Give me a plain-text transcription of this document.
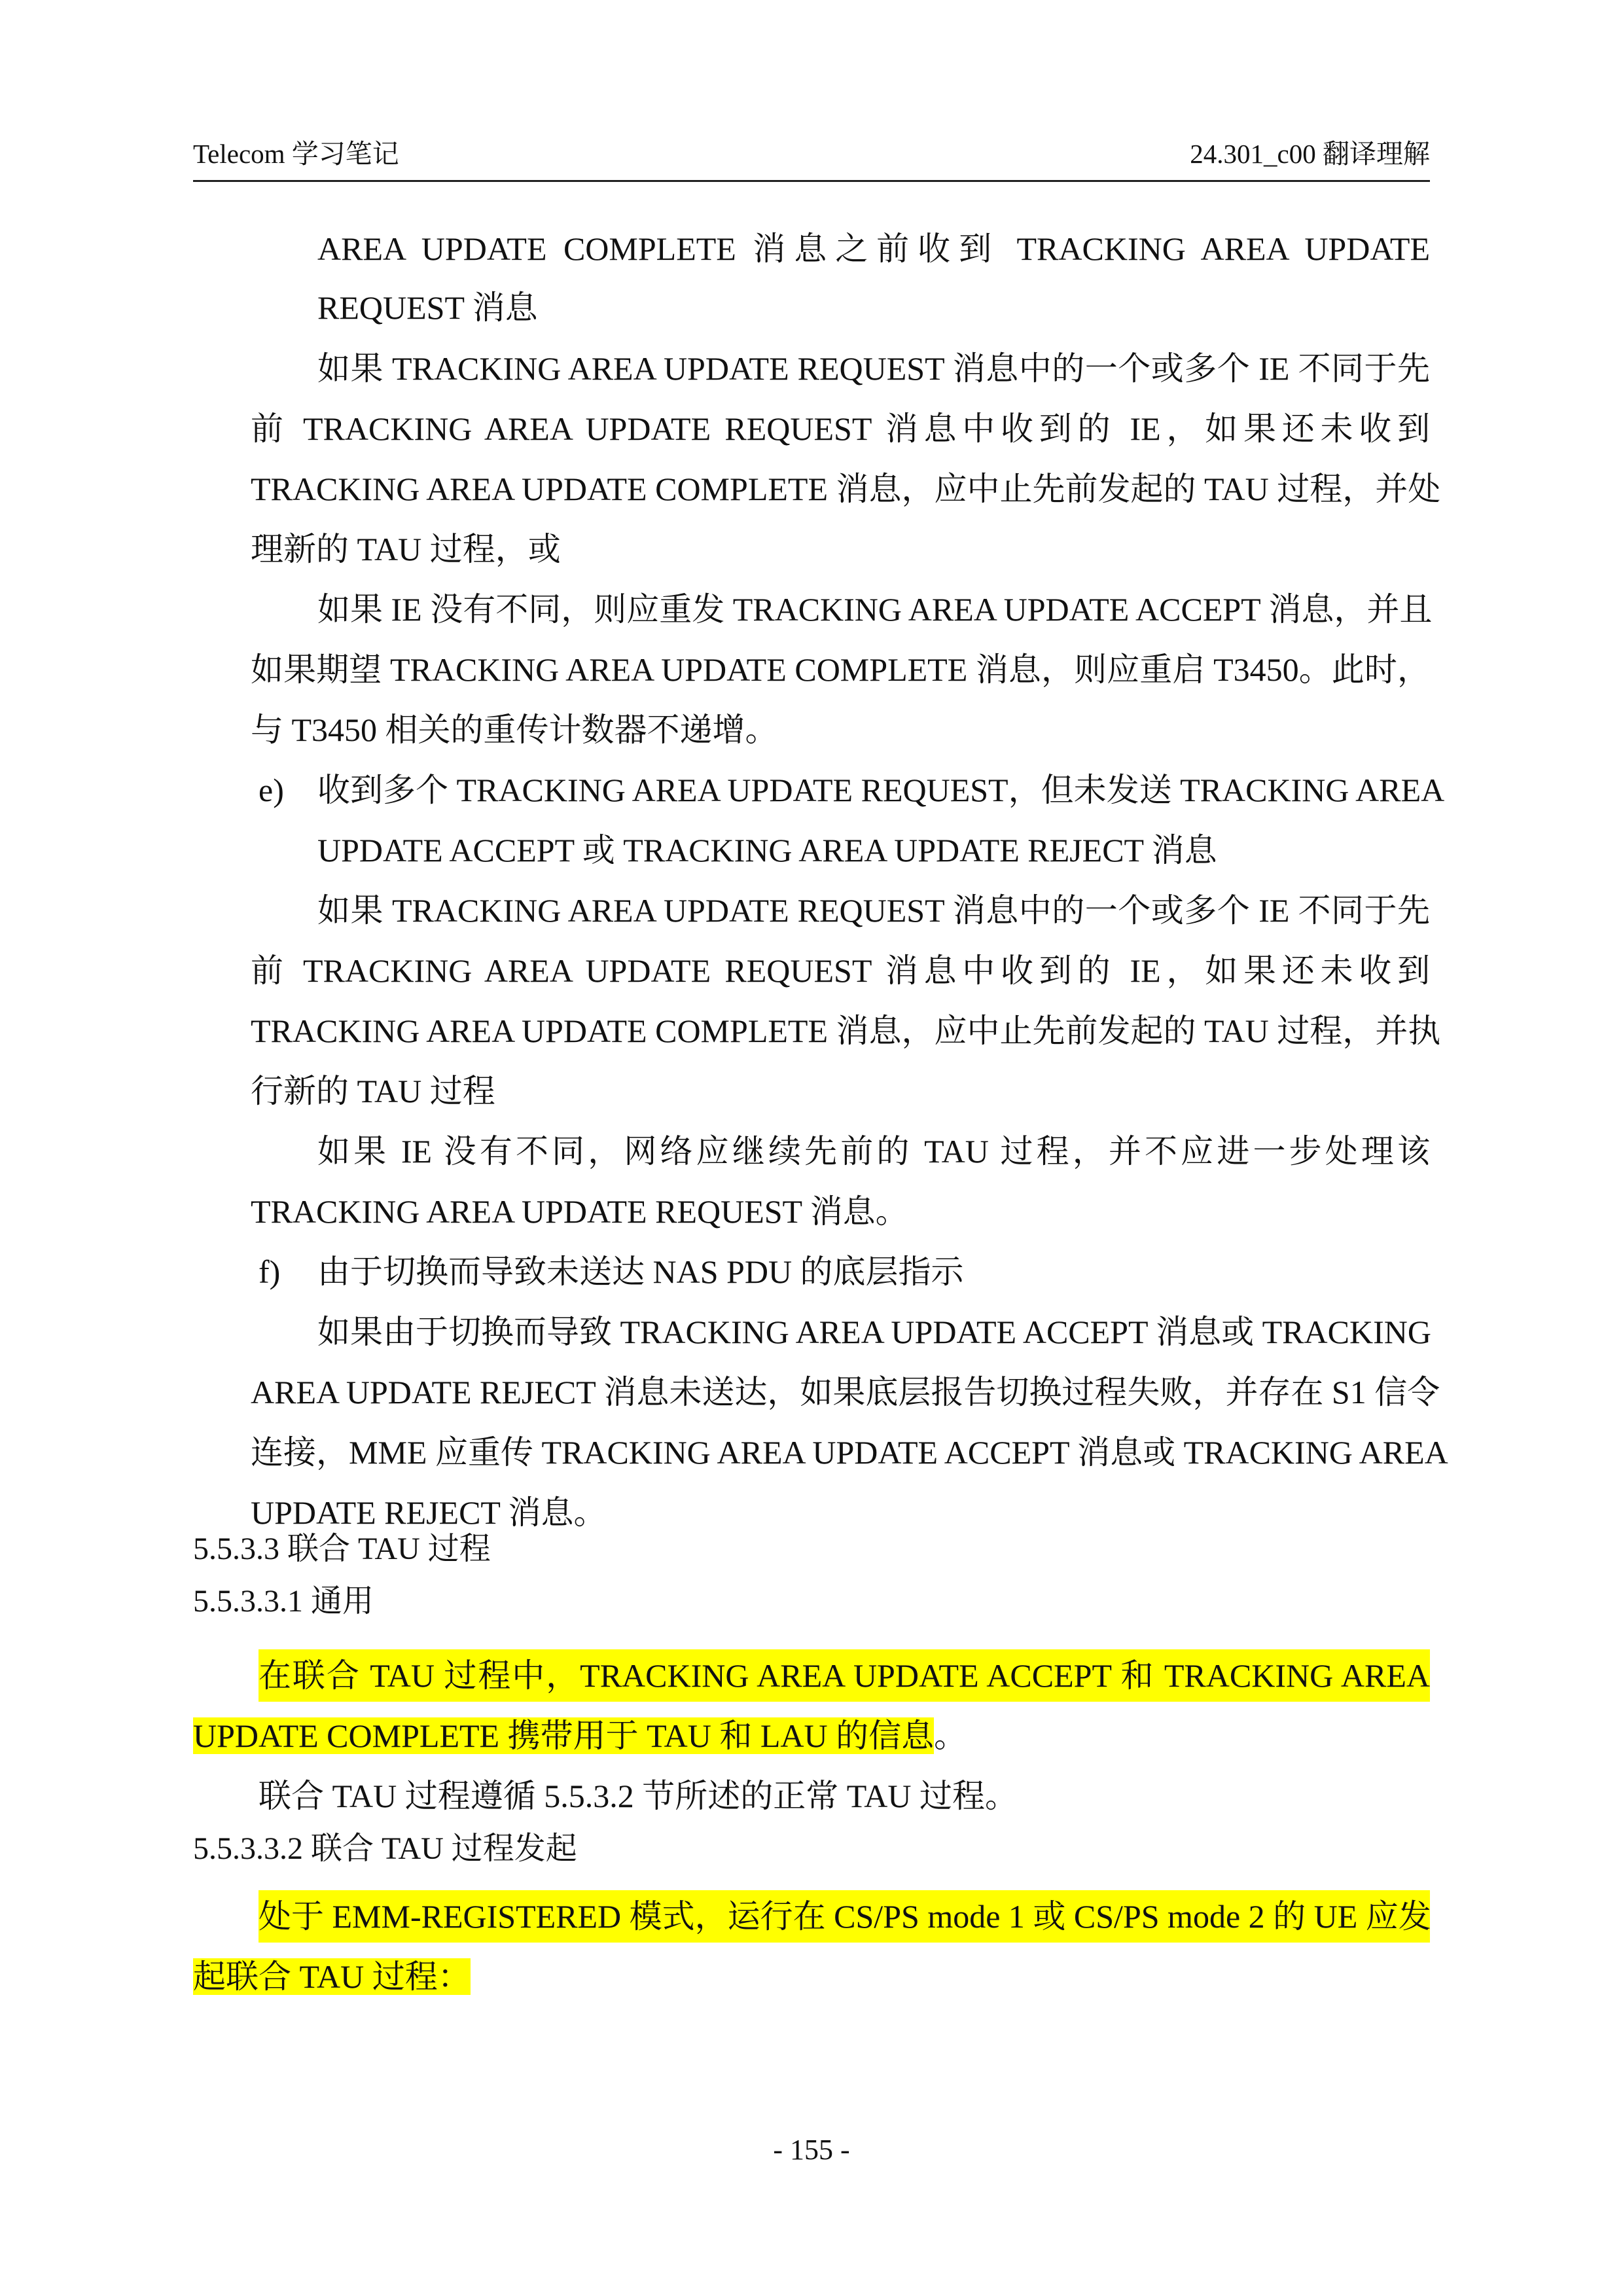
Telecom 学习笔记	24.301_c00 翻译理解
AREA UPDATE COMPLETE 消息之前收到 TRACKING AREA UPDATE
REQUEST 消息
如果 TRACKING AREA UPDATE REQUEST 消息中的一个或多个 IE 不同于先
前 TRACKING AREA UPDATE REQUEST 消息中收到的 IE，如果还未收到
TRACKING AREA UPDATE COMPLETE 消息，应中止先前发起的 TAU 过程，并处
理新的 TAU 过程，或
如果 IE 没有不同，则应重发 TRACKING AREA UPDATE ACCEPT 消息，并且
如果期望 TRACKING AREA UPDATE COMPLETE 消息，则应重启 T3450。此时，
与 T3450 相关的重传计数器不递增。
e) 收到多个 TRACKING AREA UPDATE REQUEST，但未发送 TRACKING AREA
UPDATE ACCEPT 或 TRACKING AREA UPDATE REJECT 消息
如果 TRACKING AREA UPDATE REQUEST 消息中的一个或多个 IE 不同于先
前 TRACKING AREA UPDATE REQUEST 消息中收到的 IE，如果还未收到
TRACKING AREA UPDATE COMPLETE 消息，应中止先前发起的 TAU 过程，并执
行新的 TAU 过程
如果 IE 没有不同，网络应继续先前的 TAU 过程，并不应进一步处理该
TRACKING AREA UPDATE REQUEST 消息。
f) 由于切换而导致未送达 NAS PDU 的底层指示
如果由于切换而导致 TRACKING AREA UPDATE ACCEPT 消息或 TRACKING
AREA UPDATE REJECT 消息未送达，如果底层报告切换过程失败，并存在 S1 信令
连接，MME 应重传 TRACKING AREA UPDATE ACCEPT 消息或 TRACKING AREA
UPDATE REJECT 消息。
5.5.3.3 联合 TAU 过程
5.5.3.3.1 通用
在联合 TAU 过程中，TRACKING AREA UPDATE ACCEPT 和 TRACKING AREA
UPDATE COMPLETE 携带用于 TAU 和 LAU 的信息。
联合 TAU 过程遵循 5.5.3.2 节所述的正常 TAU 过程。
5.5.3.3.2 联合 TAU 过程发起
处于 EMM-REGISTERED 模式，运行在 CS/PS mode 1 或 CS/PS mode 2 的 UE 应发
起联合 TAU 过程：
- 155 -
